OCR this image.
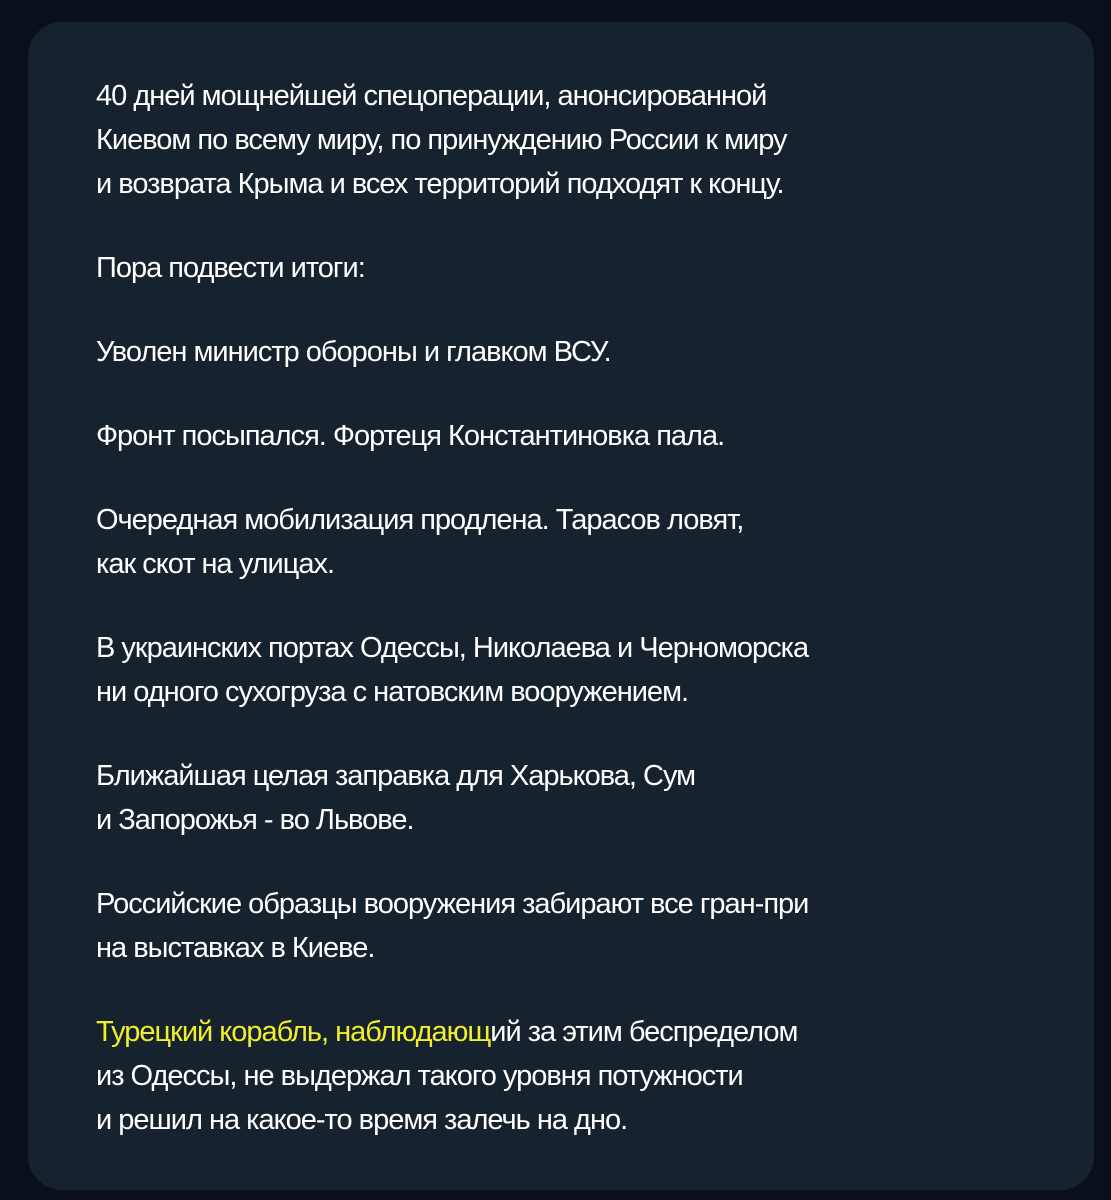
40 дней мощнейшей спецоперации, анонсированной
Киевом по всему миру, по принуждению России к миру
и возврата Крыма и всех территорий подходят к концу.

Пора подвести итоги:

Уволен министр обороны и главком ВСУ.

Фронт посыпался. Фортеця Константиновка пала.

Очередная мобилизация продлена. Тарасов ловят,
как скот на улицах.

В украинских портах Одессы, Николаева и Черноморска
ни одного сухогруза с натовским вооружением.

Ближайшая целая заправка для Харькова, Сум
и Запорожья - во Львове.

Российские образцы вооружения забирают все гран-при
на выставках в Киеве.

Турецкий корабль, наблюдающий за этим беспределом
из Одессы, не выдержал такого уровня потужности
и решил на какое-то время залечь на дно.
